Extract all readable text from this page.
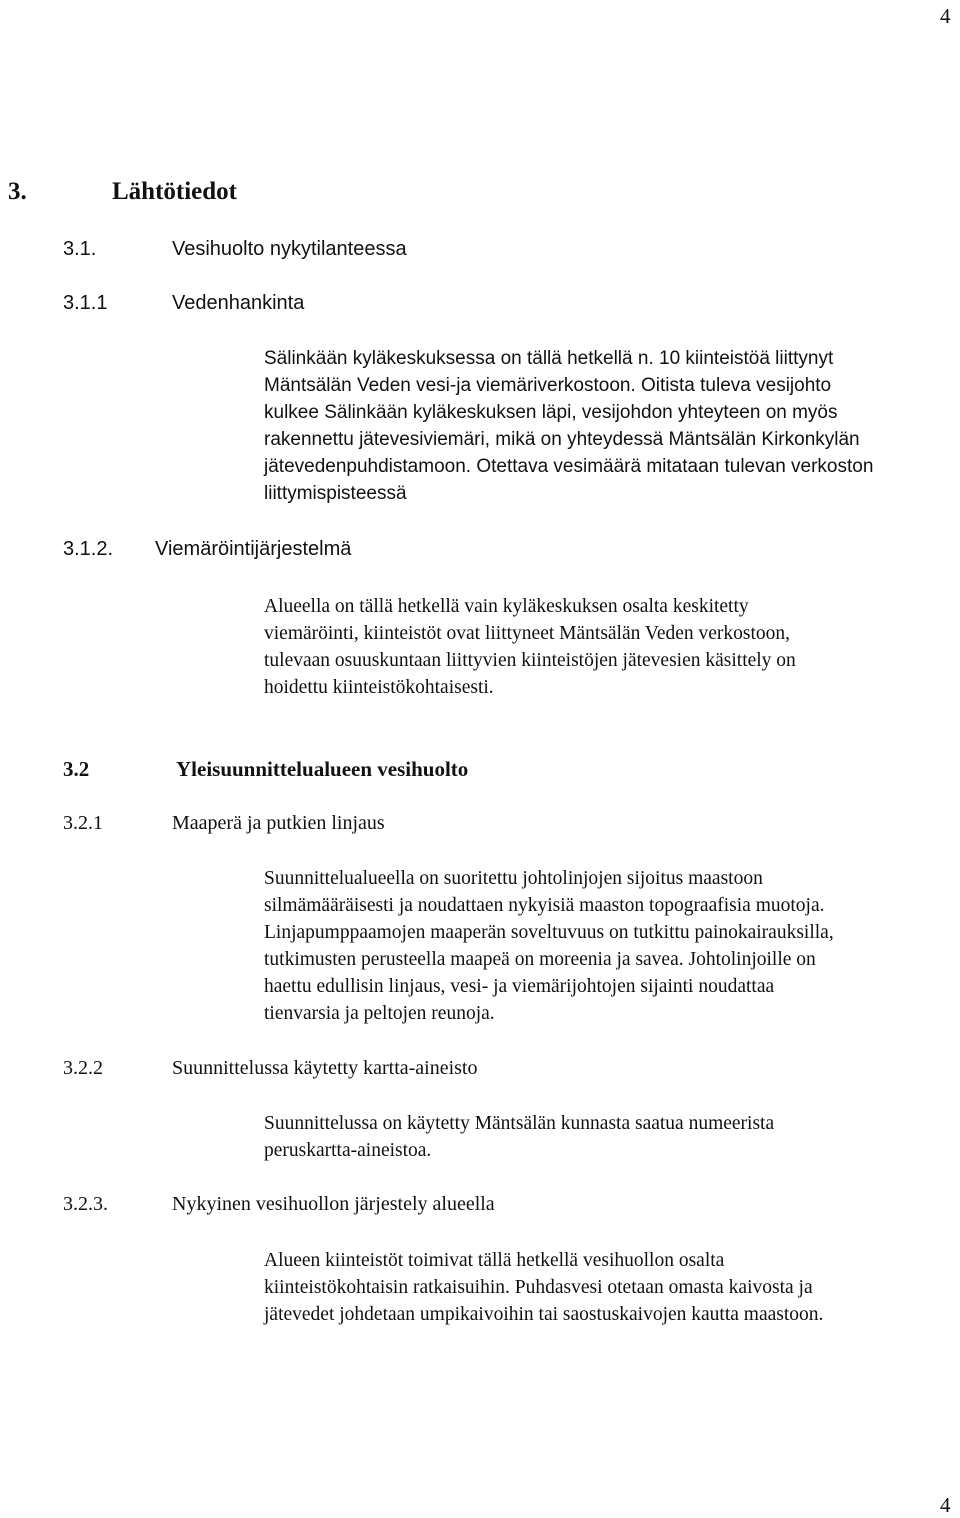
4
4
3.	Lähtötiedot
3.1.	Vesihuolto nykytilanteessa
3.1.1	Vedenhankinta
Sälinkään kyläkeskuksessa on tällä hetkellä n. 10 kiinteistöä liittynyt
Mäntsälän Veden vesi-ja viemäriverkostoon. Oitista tuleva vesijohto
kulkee Sälinkään kyläkeskuksen läpi, vesijohdon yhteyteen on myös
rakennettu jätevesiviemäri, mikä on yhteydessä Mäntsälän Kirkonkylän
jätevedenpuhdistamoon. Otettava vesimäärä mitataan tulevan verkoston
liittymispisteessä
3.1.2. Viemäröintijärjestelmä
Alueella on tällä hetkellä vain kyläkeskuksen osalta keskitetty
viemäröinti, kiinteistöt ovat liittyneet Mäntsälän Veden verkostoon,
tulevaan osuuskuntaan liittyvien kiinteistöjen jätevesien käsittely on
hoidettu kiinteistökohtaisesti.
3.2	Yleisuunnittelualueen vesihuolto
3.2.1	Maaperä ja putkien linjaus
Suunnittelualueella on suoritettu johtolinjojen sijoitus maastoon
silmämääräisesti ja noudattaen nykyisiä maaston topograafisia muotoja.
Linjapumppaamojen maaperän soveltuvuus on tutkittu painokairauksilla,
tutkimusten perusteella maapeä on moreenia ja savea. Johtolinjoille on
haettu edullisin linjaus, vesi- ja viemärijohtojen sijainti noudattaa
tienvarsia ja peltojen reunoja.
3.2.2	Suunnittelussa käytetty kartta-aineisto
Suunnittelussa on käytetty Mäntsälän kunnasta saatua numeerista
peruskartta-aineistoa.
3.2.3.	Nykyinen vesihuollon järjestely alueella
Alueen kiinteistöt toimivat tällä hetkellä vesihuollon osalta
kiinteistökohtaisin ratkaisuihin. Puhdasvesi otetaan omasta kaivosta ja
jätevedet johdetaan umpikaivoihin tai saostuskaivojen kautta maastoon.
